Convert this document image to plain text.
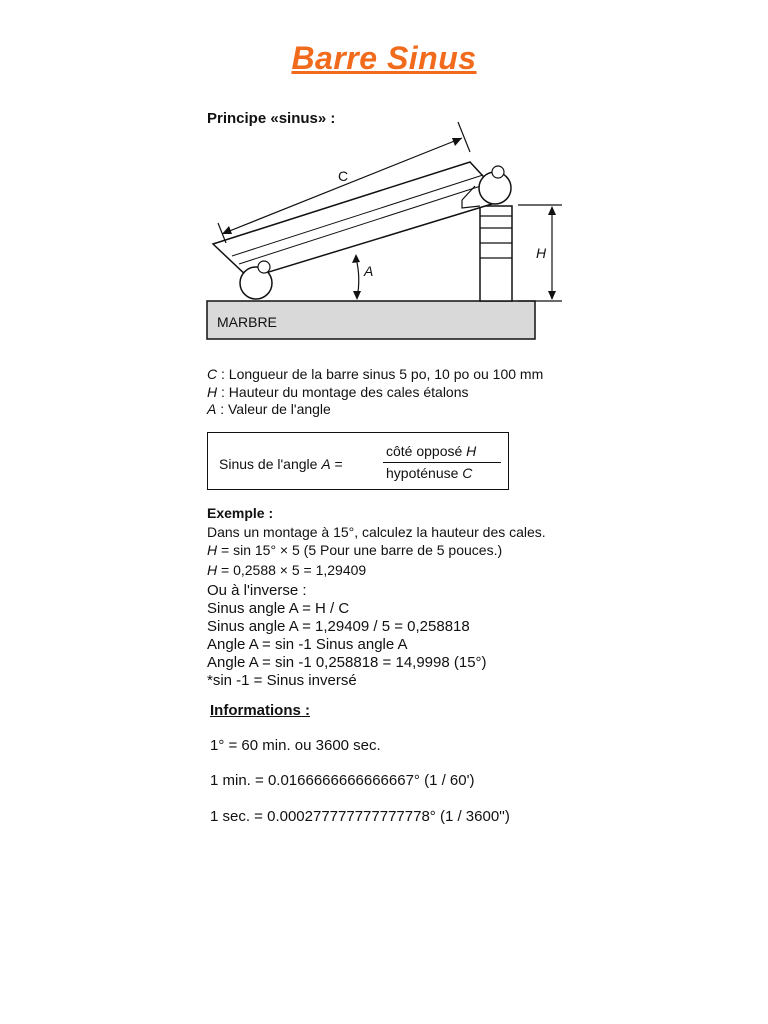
Barre Sinus
Principe «sinus» :
MARBRE
H
C
A
C : Longueur de la barre sinus 5 po, 10 po ou 100 mm
H : Hauteur du montage des cales étalons
A : Valeur de l'angle
Sinus de l'angle A =
côté opposé H
hypoténuse C
Exemple :
Dans un montage à 15°, calculez la hauteur des cales.
H = sin 15° × 5 (5 Pour une barre de 5 pouces.)
H = 0,2588 × 5 = 1,29409
Ou à l'inverse :
Sinus angle A = H / C
Sinus angle A = 1,29409 / 5 = 0,258818
Angle A = sin -1 Sinus angle A
Angle A = sin -1 0,258818 = 14,9998 (15°)
*sin -1 = Sinus inversé
Informations :
1° = 60 min. ou 3600 sec.
1 min. = 0.0166666666666667° (1 / 60')
1 sec. = 0.000277777777777778° (1 / 3600'')
